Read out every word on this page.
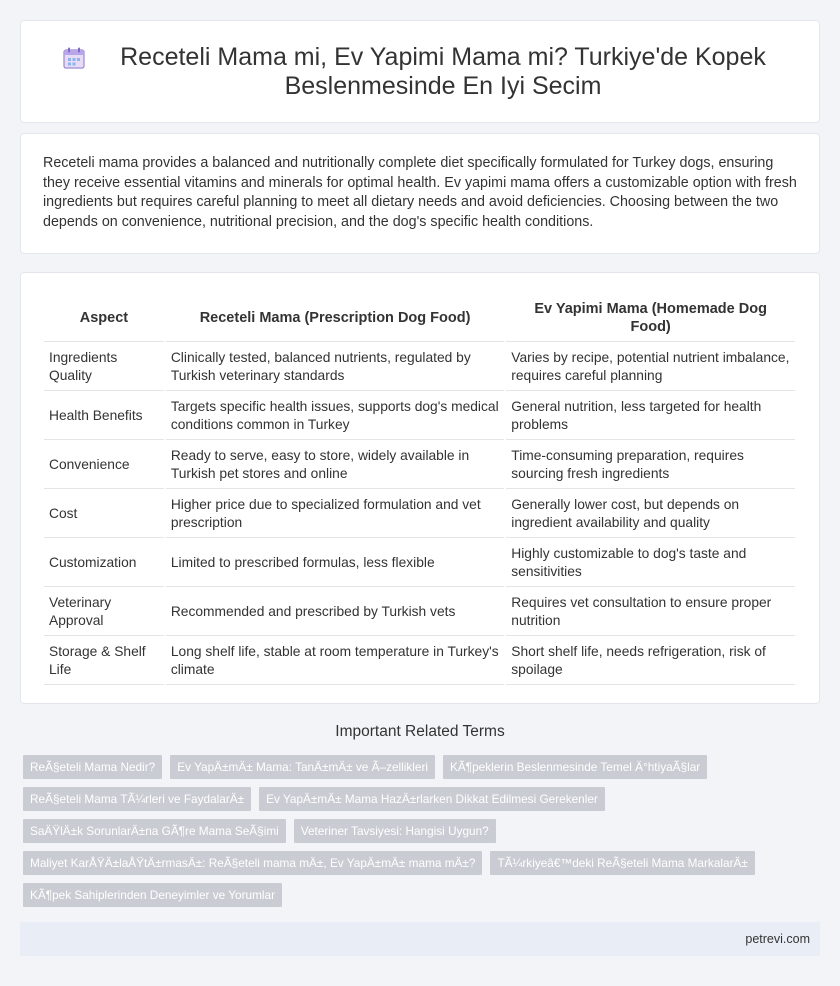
Receteli Mama mi, Ev Yapimi Mama mi? Turkiye'de Kopek Beslenmesinde En Iyi Secim

Receteli mama provides a balanced and nutritionally complete diet specifically formulated for Turkey dogs, ensuring they receive essential vitamins and minerals for optimal health. Ev yapimi mama offers a customizable option with fresh ingredients but requires careful planning to meet all dietary needs and avoid deficiencies. Choosing between the two depends on convenience, nutritional precision, and the dog's specific health conditions.

Aspect	Receteli Mama (Prescription Dog Food)	Ev Yapimi Mama (Homemade Dog Food)
Ingredients Quality	Clinically tested, balanced nutrients, regulated by Turkish veterinary standards	Varies by recipe, potential nutrient imbalance, requires careful planning
Health Benefits	Targets specific health issues, supports dog's medical conditions common in Turkey	General nutrition, less targeted for health problems
Convenience	Ready to serve, easy to store, widely available in Turkish pet stores and online	Time-consuming preparation, requires sourcing fresh ingredients
Cost	Higher price due to specialized formulation and vet prescription	Generally lower cost, but depends on ingredient availability and quality
Customization	Limited to prescribed formulas, less flexible	Highly customizable to dog's taste and sensitivities
Veterinary Approval	Recommended and prescribed by Turkish vets	Requires vet consultation to ensure proper nutrition
Storage & Shelf Life	Long shelf life, stable at room temperature in Turkey's climate	Short shelf life, needs refrigeration, risk of spoilage
Important Related Terms
ReÃ§eteli Mama Nedir?	Ev YapÄ±mÄ± Mama: TanÄ±mÄ± ve Ã–zellikleri	KÃ¶peklerin Beslenmesinde Temel Ä°htiyaÃ§lar
ReÃ§eteli Mama TÃ¼rleri ve FaydalarÄ±	Ev YapÄ±mÄ± Mama HazÄ±rlarken Dikkat Edilmesi Gerekenler
SaÄŸlÄ±k SorunlarÄ±na GÃ¶re Mama SeÃ§imi	Veteriner Tavsiyesi: Hangisi Uygun?
Maliyet KarÅŸÄ±laÅŸtÄ±rmasÄ±: ReÃ§eteli mama mÄ±, Ev YapÄ±mÄ± mama mÄ±?	TÃ¼rkiyeâ€™deki ReÃ§eteli Mama MarkalarÄ±
KÃ¶pek Sahiplerinden Deneyimler ve Yorumlar
petrevi.com
